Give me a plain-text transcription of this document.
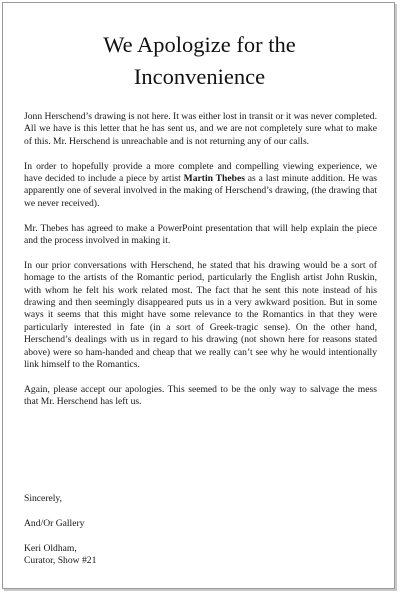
We Apologize for the
Inconvenience

Jonn Herschend’s drawing is not here. It was either lost in transit or it was never completed. All we have is this letter that he has sent us, and we are not completely sure what to make of this. Mr. Herschend is unreachable and is not returning any of our calls.

In order to hopefully provide a more complete and compelling viewing experience, we have decided to include a piece by artist Martin Thebes as a last minute addition. He was apparently one of several involved in the making of Herschend’s drawing, (the drawing that we never received).

Mr. Thebes has agreed to make a PowerPoint presentation that will help explain the piece and the process involved in making it.

In our prior conversations with Herschend, he stated that his drawing would be a sort of homage to the artists of the Romantic period, particularly the English artist John Ruskin, with whom he felt his work related most. The fact that he sent this note instead of his drawing and then seemingly disappeared puts us in a very awkward position. But in some ways it seems that this might have some relevance to the Romantics in that they were particularly interested in fate (in a sort of Greek-tragic sense). On the other hand, Herschend’s dealings with us in regard to his drawing (not shown here for reasons stated above) were so ham-handed and cheap that we really can’t see why he would intentionally link himself to the Romantics.

Again, please accept our apologies. This seemed to be the only way to salvage the mess that Mr. Herschend has left us.

Sincerely,
And/Or Gallery
Keri Oldham,
Curator, Show #21
